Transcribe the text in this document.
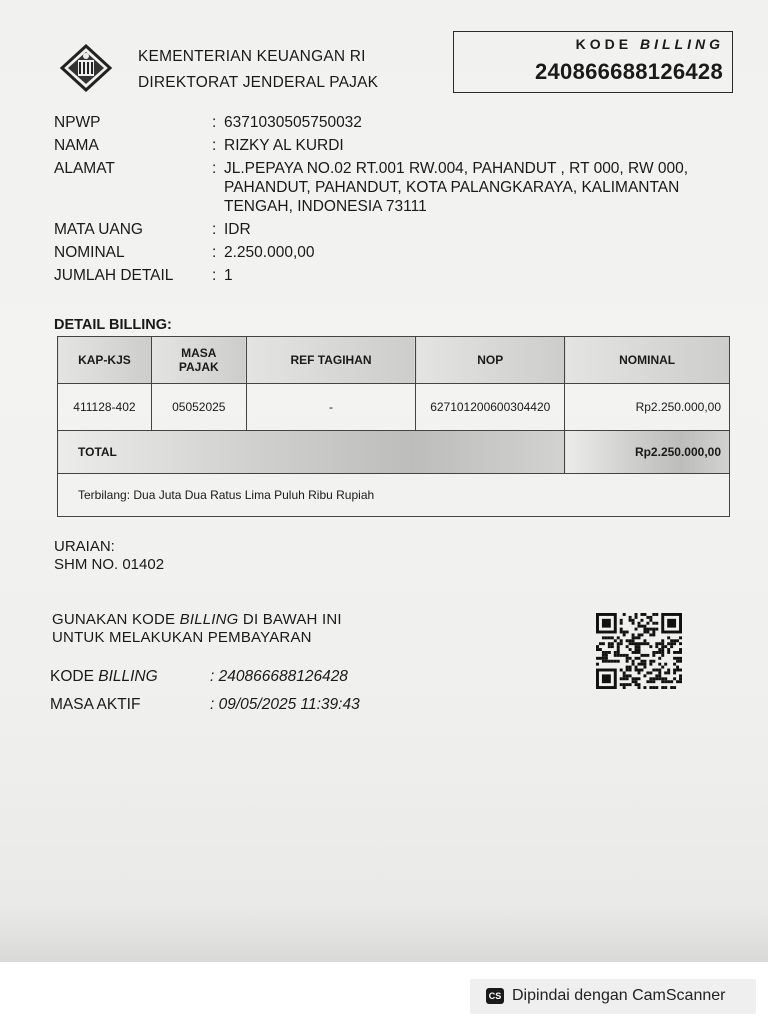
KEMENTERIAN KEUANGAN RI
DIREKTORAT JENDERAL PAJAK
KODE BILLING
240866688126428
NPWP	: 6371030505750032
NAMA	: RIZKY AL KURDI
ALAMAT	: JL.PEPAYA NO.02 RT.001 RW.004, PAHANDUT , RT 000, RW 000, PAHANDUT, PAHANDUT, KOTA PALANGKARAYA, KALIMANTAN TENGAH, INDONESIA 73111
MATA UANG	: IDR
NOMINAL	: 2.250.000,00
JUMLAH DETAIL	: 1
DETAIL BILLING:
KAP-KJS	MASA PAJAK	REF TAGIHAN	NOP	NOMINAL
411128-402	05052025	-	627101200600304420	Rp2.250.000,00
TOTAL				Rp2.250.000,00
Terbilang: Dua Juta Dua Ratus Lima Puluh Ribu Rupiah				
URAIAN:
SHM NO. 01402
GUNAKAN KODE BILLING DI BAWAH INI
UNTUK MELAKUKAN PEMBAYARAN
KODE BILLING	: 240866688126428
MASA AKTIF	: 09/05/2025 11:39:43
CS Dipindai dengan CamScanner
